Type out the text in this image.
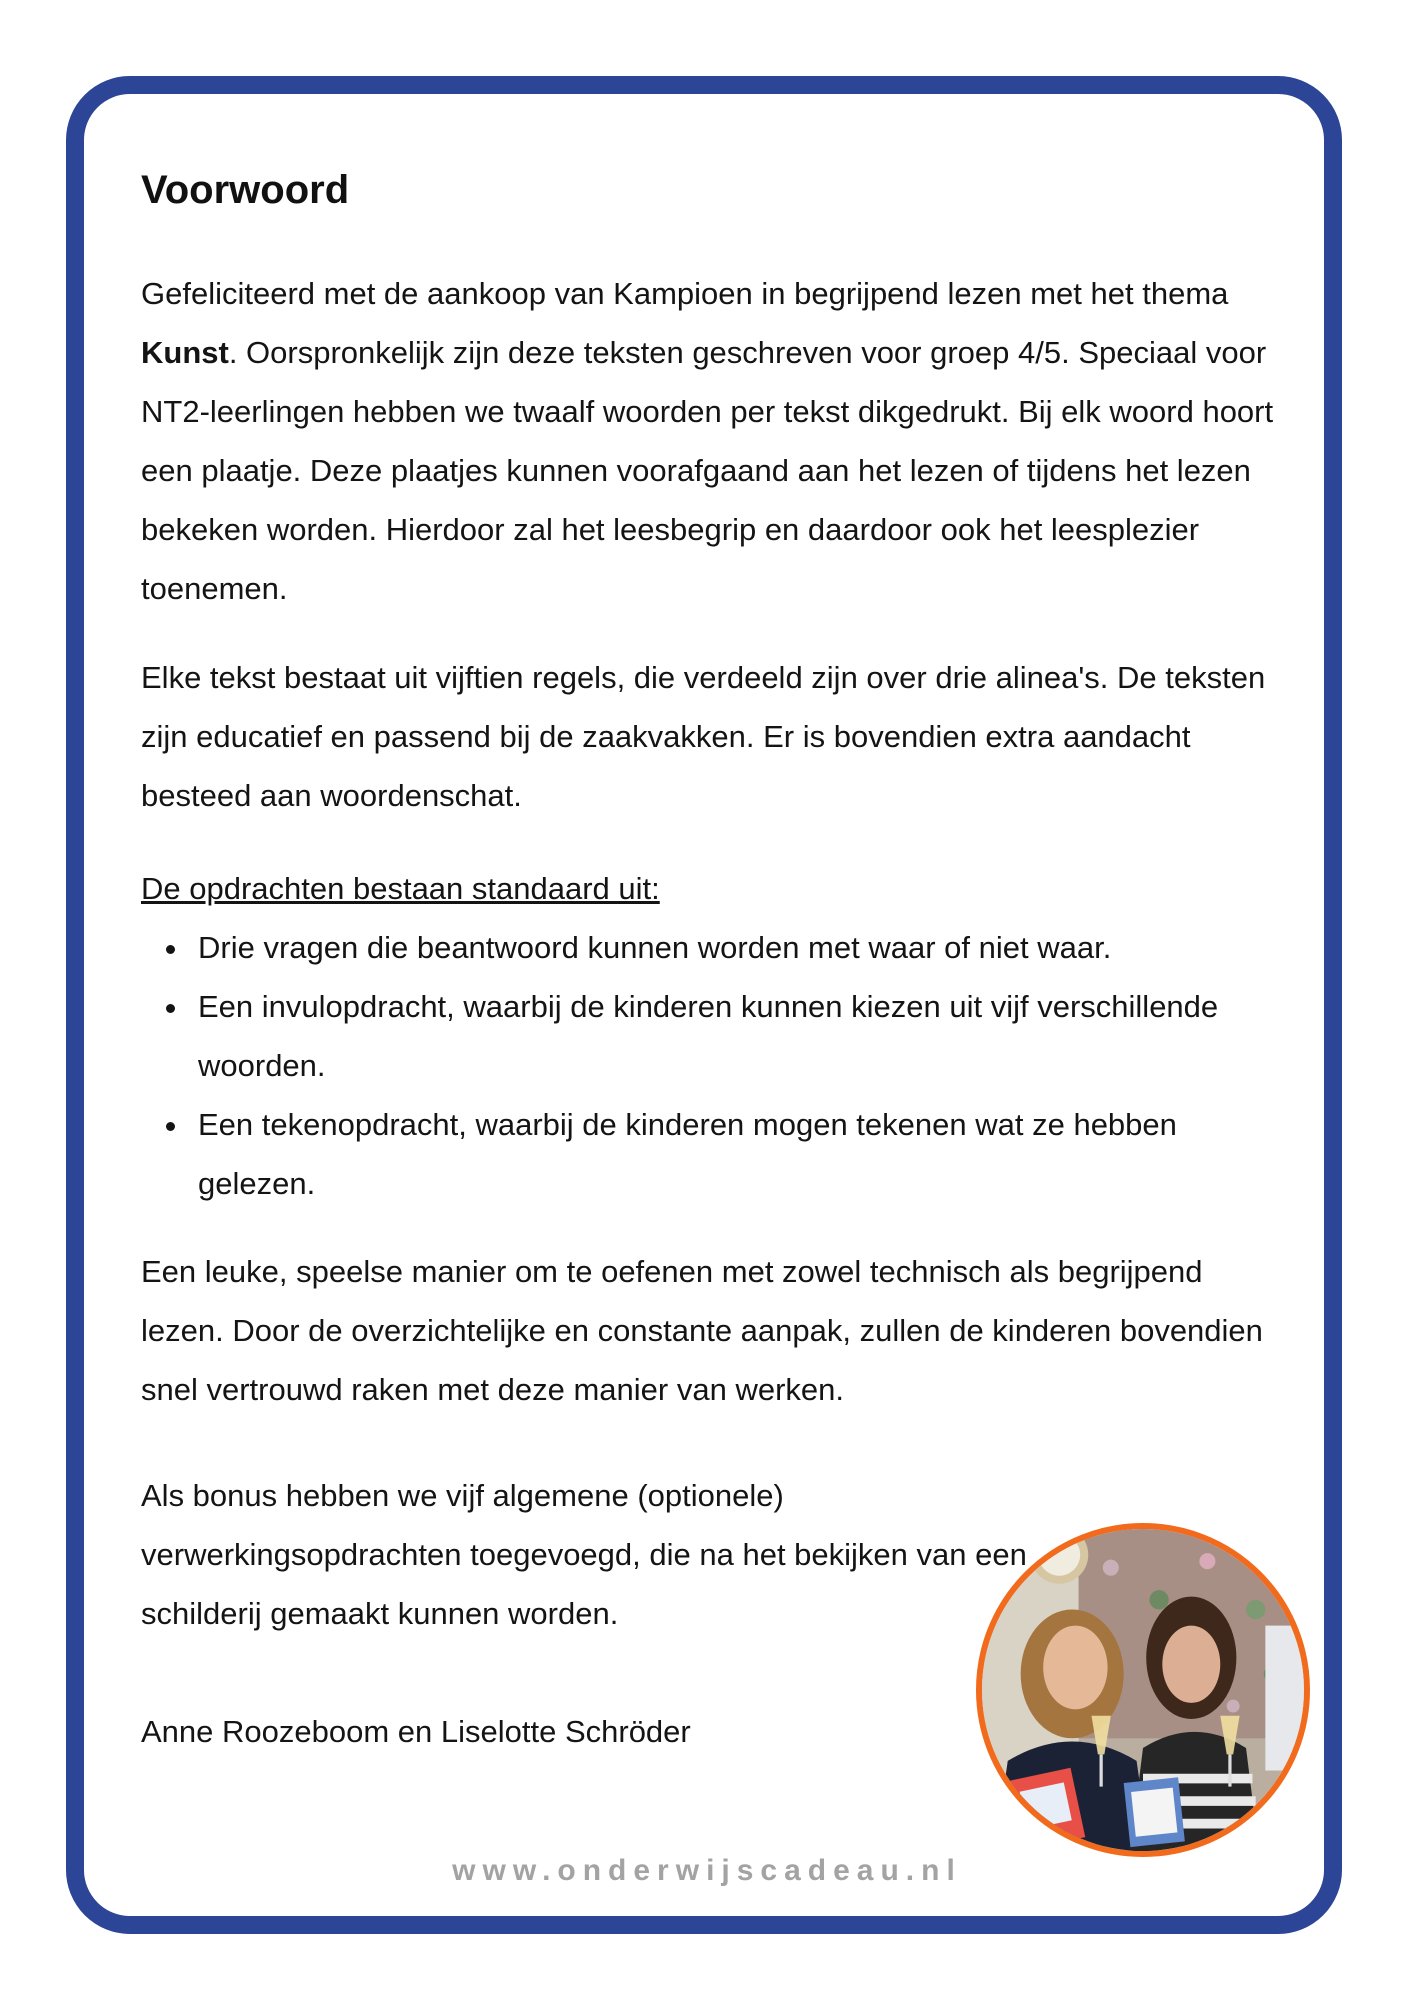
Voorwoord

Gefeliciteerd met de aankoop van Kampioen in begrijpend lezen met het thema Kunst. Oorspronkelijk zijn deze teksten geschreven voor groep 4/5. Speciaal voor NT2-leerlingen hebben we twaalf woorden per tekst dikgedrukt. Bij elk woord hoort een plaatje. Deze plaatjes kunnen voorafgaand aan het lezen of tijdens het lezen bekeken worden. Hierdoor zal het leesbegrip en daardoor ook het leesplezier toenemen.

Elke tekst bestaat uit vijftien regels, die verdeeld zijn over drie alinea's. De teksten zijn educatief en passend bij de zaakvakken. Er is bovendien extra aandacht besteed aan woordenschat.

De opdrachten bestaan standaard uit:

Drie vragen die beantwoord kunnen worden met waar of niet waar.
Een invulopdracht, waarbij de kinderen kunnen kiezen uit vijf verschillende woorden.
Een tekenopdracht, waarbij de kinderen mogen tekenen wat ze hebben gelezen.

Een leuke, speelse manier om te oefenen met zowel technisch als begrijpend lezen. Door de overzichtelijke en constante aanpak, zullen de kinderen bovendien snel vertrouwd raken met deze manier van werken.

Als bonus hebben we vijf algemene (optionele) verwerkingsopdrachten toegevoegd, die na het bekijken van een schilderij gemaakt kunnen worden.

Anne Roozeboom en Liselotte Schröder

www.onderwijscadeau.nl
